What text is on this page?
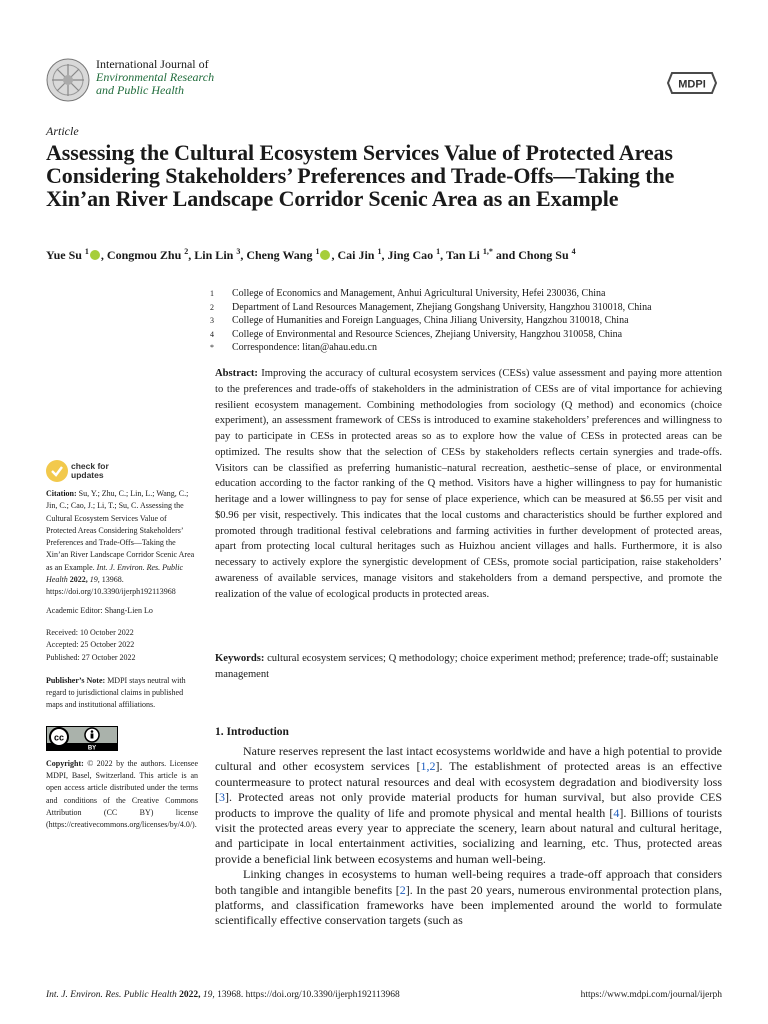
International Journal of
Environmental Research
and Public Health	MDPI
Article
Assessing the Cultural Ecosystem Services Value of Protected Areas Considering Stakeholders’ Preferences and Trade-Offs—Taking the Xin’an River Landscape Corridor Scenic Area as an Example
Yue Su $^1$ , Congmou Zhu $^2$, Lin Lin $^3$, Cheng Wang $^1$ , Cai Jin $^1$, Jing Cao $^1$, Tan Li $^{1,*}$ and Chong Su $^4$
1	College of Economics and Management, Anhui Agricultural University, Hefei 230036, China
2	Department of Land Resources Management, Zhejiang Gongshang University, Hangzhou 310018, China
3	College of Humanities and Foreign Languages, China Jiliang University, Hangzhou 310018, China
4	College of Environmental and Resource Sciences, Zhejiang University, Hangzhou 310058, China
*	Correspondence: litan@ahau.edu.cn

Abstract: Improving the accuracy of cultural ecosystem services (CESs) value assessment and paying more attention to the preferences and trade-offs of stakeholders in the administration of CESs are of vital importance for achieving resilient ecosystem management. Combining methodologies from sociology (Q method) and economics (choice experiment), an assessment framework of CESs is introduced to examine stakeholders’ preferences and willingness to pay to participate in CESs in protected areas so as to explore how the value of CESs in protected areas can be optimized. The results show that the selection of CESs by stakeholders reflects certain synergies and trade-offs. Visitors can be classified as preferring humanistic–natural recreation, aesthetic–sense of place, or environmental education according to the factor ranking of the Q method. Visitors have a higher willingness to pay for humanistic heritage and a lower willingness to pay for sense of place experience, which can be measured at $6.55 per visit and $0.96 per visit, respectively. This indicates that the local customs and characteristics should be further explored and promoted through traditional festival celebrations and farming activities in further development of protected areas, apart from protecting local cultural heritages such as Huizhou ancient villages and halls. Furthermore, it is also necessary to actively explore the synergistic development of CESs, promote social participation, raise stakeholders’ awareness of available services, manage visitors and stakeholders from a demand perspective, and promote the realization of the value of ecological products in protected areas.

Keywords: cultural ecosystem services; Q methodology; choice experiment method; preference; trade-off; sustainable management

check for
updates

Citation: Su, Y.; Zhu, C.; Lin, L.; Wang, C.; Jin, C.; Cao, J.; Li, T.; Su, C. Assessing the Cultural Ecosystem Services Value of Protected Areas Considering Stakeholders’ Preferences and Trade-Offs—Taking the Xin’an River Landscape Corridor Scenic Area as an Example. Int. J. Environ. Res. Public Health 2022, 19, 13968. https://doi.org/10.3390/ijerph192113968

Academic Editor: Shang-Lien Lo

Received: 10 October 2022

Accepted: 25 October 2022

Published: 27 October 2022

Publisher’s Note: MDPI stays neutral with regard to jurisdictional claims in published maps and institutional affiliations.

cc
BY

Copyright: © 2022 by the authors. Licensee MDPI, Basel, Switzerland. This article is an open access article distributed under the terms and conditions of the Creative Commons Attribution (CC BY) license (https://creativecommons.org/licenses/by/4.0/).

1. Introduction

Nature reserves represent the last intact ecosystems worldwide and have a high potential to provide cultural and other ecosystem services [1,2]. The establishment of protected areas is an effective countermeasure to protect natural resources and deal with ecosystem degradation and biodiversity loss [3]. Protected areas not only provide material products for human survival, but also provide CES products to improve the quality of life and promote physical and mental health [4]. Billions of tourists visit the protected areas every year to appreciate the scenery, learn about natural and cultural heritage, and participate in local entertainment activities, socializing and learning, etc. Thus, protected areas provide a beneficial link between ecosystems and human well-being.

Linking changes in ecosystems to human well-being requires a trade-off approach that considers both tangible and intangible benefits [2]. In the past 20 years, numerous environmental protection plans, platforms, and classification frameworks have been implemented around the world to formulate scientifically effective conservation targets (such as

Int. J. Environ. Res. Public Health 2022, 19, 13968. https://doi.org/10.3390/ijerph192113968	https://www.mdpi.com/journal/ijerph
